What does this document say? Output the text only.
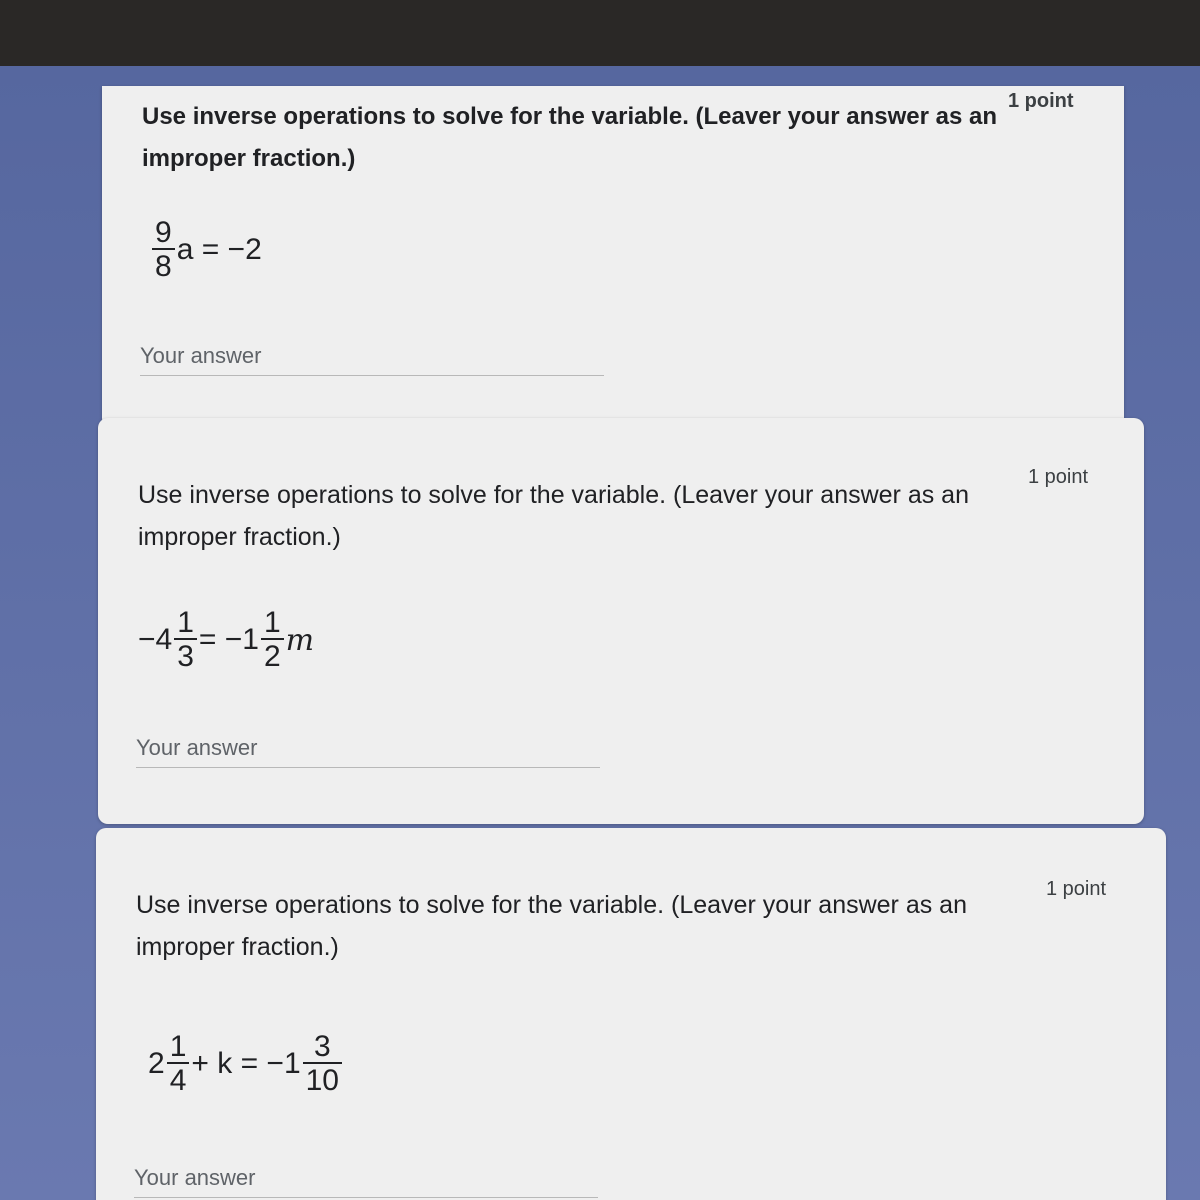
Use inverse operations to solve for the variable. (Leaver your answer as an improper fraction.)
1 point
$\frac{9}{8}$ a = −2
Your answer
Use inverse operations to solve for the variable. (Leaver your answer as an improper fraction.)
1 point
$-4 \frac{1}{3} = -1 \frac{1}{2}$ m
Your answer
Use inverse operations to solve for the variable. (Leaver your answer as an improper fraction.)
1 point
$2 \frac{1}{4} + k = -1 \frac{3}{10}$
Your answer
